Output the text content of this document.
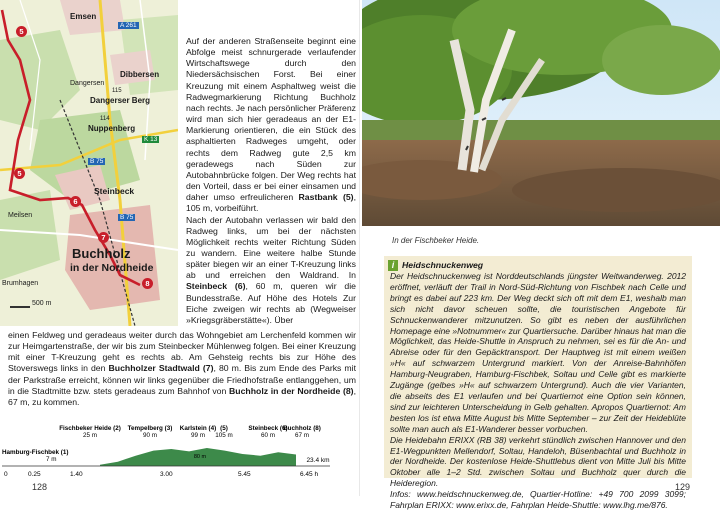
Emsen
Dibbersen
Dangersen
Dangerser Berg
Nuppenberg
Steinbeck
Buchholz
in der Nordheide
Meilsen
Brumhagen
A 261
K 13
B 75
B 75
114
115
5
5
6
7
8
500 m

Auf der anderen Straßenseite beginnt eine Abfolge meist schnurgerade verlaufender Wirtschaftswege durch den Niedersächsischen Forst. Bei einer Kreuzung mit einem Asphaltweg weist die Radwegmarkierung Richtung Buchholz nach rechts. Je nach persönlicher Präferenz wird man sich hier geradeaus an der E1-Markierung orientieren, die ein Stück des asphaltierten Radweges umgeht, oder rechts dem Radweg gute 2,5 km geradewegs nach Süden zur Autobahnbrücke folgen. Der Weg rechts hat den Vorteil, dass er bei einer einsamen und daher umso erfreulicheren Rastbank (5), 105 m, vorbeiführt.

Nach der Autobahn verlassen wir bald den Radweg links, um bei der nächsten Möglichkeit rechts weiter Richtung Süden zu wandern. Eine weitere halbe Stunde später biegen wir an einer T-Kreuzung links ab und erreichen den Waldrand. In Steinbeck (6), 60 m, queren wir die Bundesstraße. Auf Höhe des Hotels Zur Eiche zweigen wir rechts ab (Wegweiser »Kriegsgräberstätte«). Über

einen Feldweg und geradeaus weiter durch das Wohngebiet am Lerchenfeld kommen wir zur Heimgartenstraße, der wir bis zum Steinbecker Mühlenweg folgen. Bei einer Kreuzung mit einer T-Kreuzung geht es rechts ab. Am Gehsteig rechts bis zur Höhe des Stoverswegs links in den Buchholzer Stadtwald (7), 80 m. Bis zum Ende des Parks mit der Parkstraße erreicht, können wir links gegenüber die Friedhofstraße entlanggehen, um in die Stadtmitte bzw. stets geradeaus zum Bahnhof von Buchholz in der Nordheide (8), 67 m, zu kommen.
Fischbeker Heide (2)
25 m
Tempelberg (3)
90 m
Karlstein (4)
99 m
(5)
105 m
Steinbeck (6)
60 m
Buchholz (8)
67 m
Hamburg-Fischbek (1)
7 m	80 m	23.4 km
0	0.25	1.40	3.00	5.45	6.45 h
128
In der Fischbeker Heide.
i Heidschnuckenweg

Der Heidschnuckenweg ist Norddeutschlands jüngster Weitwanderweg. 2012 eröffnet, verläuft der Trail in Nord-Süd-Richtung von Fischbek nach Celle und bringt es dabei auf 223 km. Der Weg deckt sich oft mit dem E1, weshalb man sich nicht davor scheuen sollte, die touristischen Angebote für Schnuckenwanderer mitzunutzen. So gibt es neben der ausführlichen Homepage eine »Notnummer« zur Quartiersuche. Darüber hinaus hat man die Möglichkeit, das Heide-Shuttle in Anspruch zu nehmen, sei es für die An- und Abreise oder für den Gepäcktransport. Der Hauptweg ist mit einem weißen »H« auf schwarzem Untergrund markiert. Von der Anreise-Bahnhöfen Hamburg-Neugraben, Hamburg-Fischbek, Soltau und Celle gibt es markierte Zugänge (gelbes »H« auf schwarzem Untergrund). Auch die vier Varianten, die abseits des E1 verlaufen und bei Quartiernot eine Option sein können, sind zur leichteren Unterscheidung in Gelb gehalten. Apropos Quartiernot: Am besten los ist etwa Mitte August bis Mitte September – zur Zeit der Heideblüte sollte man auch als E1-Wanderer besser vorbuchen.

Die Heidebahn ERIXX (RB 38) verkehrt stündlich zwischen Hannover und den E1-Wegpunkten Mellendorf, Soltau, Handeloh, Büsenbachtal und Buchholz in der Nordheide. Der kostenlose Heide-Shuttlebus dient von Mitte Juli bis Mitte Oktober alle 1–2 Std. zwischen Soltau und Buchholz quer durch die Heideregion.

Infos: www.heidschnuckenweg.de, Quartier-Hotline: +49 700 2099 3099; Fahrplan ERIXX: www.erixx.de, Fahrplan Heide-Shuttle: www.lhg.me/876.

129
